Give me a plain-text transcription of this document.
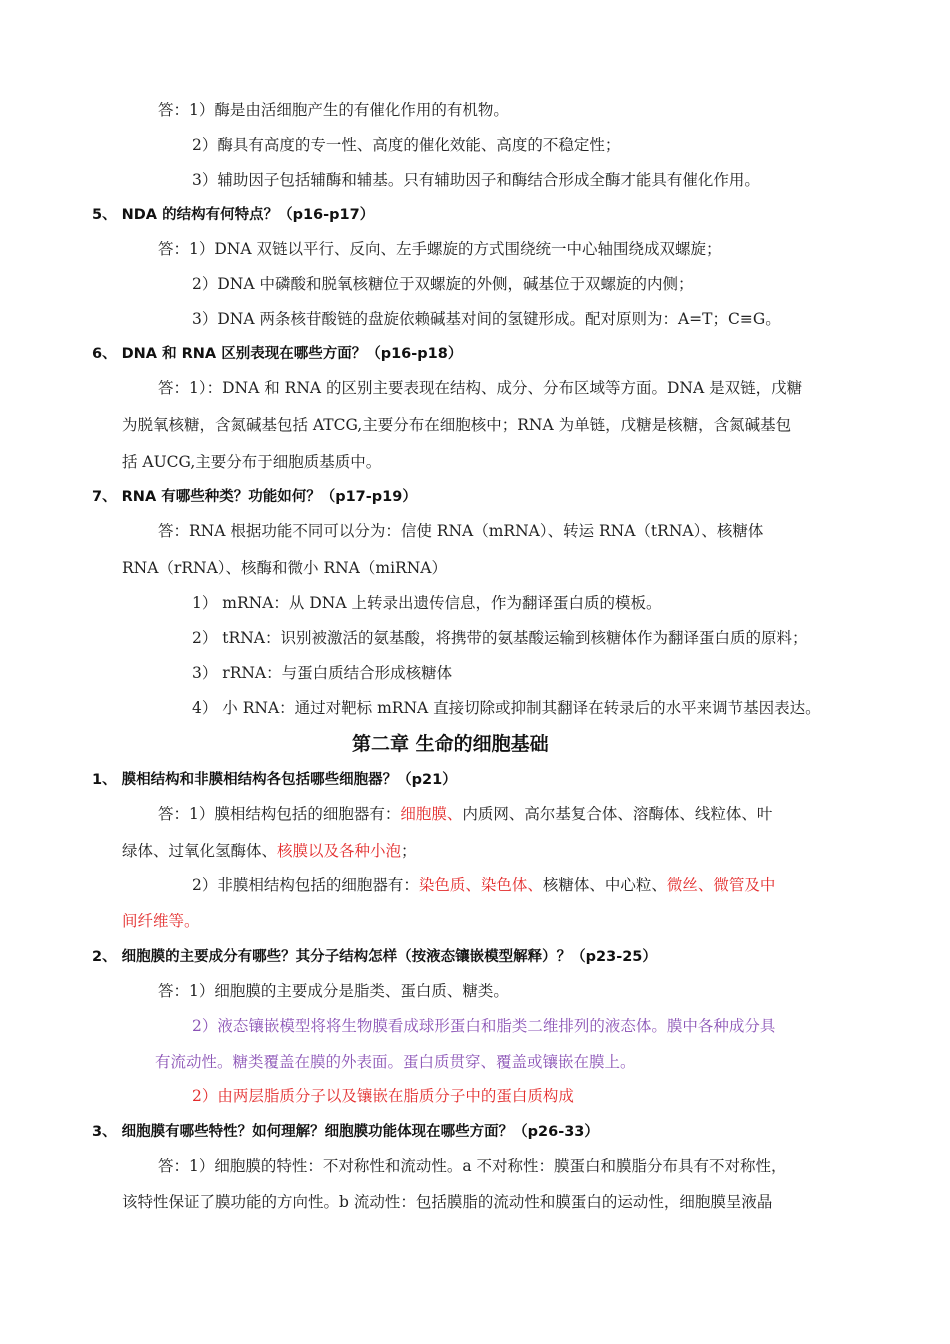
答：1）酶是由活细胞产生的有催化作用的有机物。
2）酶具有高度的专一性、高度的催化效能、高度的不稳定性；
3）辅助因子包括辅酶和辅基。只有辅助因子和酶结合形成全酶才能具有催化作用。
5、 NDA 的结构有何特点？（p16-p17）
答：1）DNA 双链以平行、反向、左手螺旋的方式围绕统一中心轴围绕成双螺旋；
2）DNA 中磷酸和脱氧核糖位于双螺旋的外侧，碱基位于双螺旋的内侧；
3）DNA 两条核苷酸链的盘旋依赖碱基对间的氢键形成。配对原则为：A=T；C≡G。
6、 DNA 和 RNA 区别表现在哪些方面？（p16-p18）
答：1）：DNA 和 RNA 的区别主要表现在结构、成分、分布区域等方面。DNA 是双链，戊糖
为脱氧核糖，含氮碱基包括 ATCG,主要分布在细胞核中；RNA 为单链，戊糖是核糖，含氮碱基包
括 AUCG,主要分布于细胞质基质中。
7、 RNA 有哪些种类？功能如何？（p17-p19）
答：RNA 根据功能不同可以分为：信使 RNA（mRNA）、转运 RNA（tRNA）、核糖体
RNA（rRNA）、核酶和微小 RNA（miRNA）
1） mRNA：从 DNA 上转录出遗传信息，作为翻译蛋白质的模板。
2） tRNA：识别被激活的氨基酸，将携带的氨基酸运输到核糖体作为翻译蛋白质的原料；
3） rRNA：与蛋白质结合形成核糖体
4） 小 RNA：通过对靶标 mRNA 直接切除或抑制其翻译在转录后的水平来调节基因表达。
第二章 生命的细胞基础
1、 膜相结构和非膜相结构各包括哪些细胞器？（p21）
答：1）膜相结构包括的细胞器有：细胞膜、内质网、高尔基复合体、溶酶体、线粒体、叶
绿体、过氧化氢酶体、核膜以及各种小泡；
2）非膜相结构包括的细胞器有：染色质、染色体、核糖体、中心粒、微丝、微管及中
间纤维等。
2、 细胞膜的主要成分有哪些？其分子结构怎样（按液态镶嵌模型解释）？（p23-25）
答：1）细胞膜的主要成分是脂类、蛋白质、糖类。
2）液态镶嵌模型将将生物膜看成球形蛋白和脂类二维排列的液态体。膜中各种成分具
有流动性。糖类覆盖在膜的外表面。蛋白质贯穿、覆盖或镶嵌在膜上。
2）由两层脂质分子以及镶嵌在脂质分子中的蛋白质构成
3、 细胞膜有哪些特性？如何理解？细胞膜功能体现在哪些方面？（p26-33）
答：1）细胞膜的特性：不对称性和流动性。a 不对称性：膜蛋白和膜脂分布具有不对称性，
该特性保证了膜功能的方向性。b 流动性：包括膜脂的流动性和膜蛋白的运动性，细胞膜呈液晶
